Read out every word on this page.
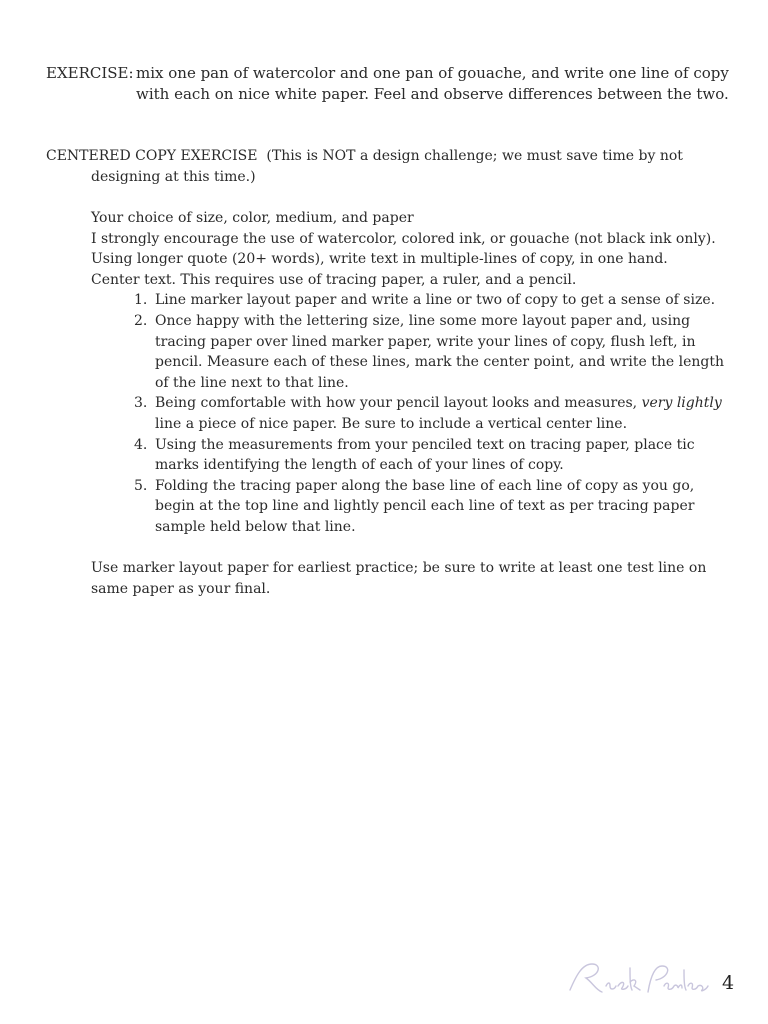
EXERCISE: mix one pan of watercolor and one pan of gouache, and write one line of copy with each on nice white paper. Feel and observe differences between the two.
CENTERED COPY EXERCISE (This is NOT a design challenge; we must save time by not designing at this time.)

Your choice of size, color, medium, and paper

I strongly encourage the use of watercolor, colored ink, or gouache (not black ink only).

Using longer quote (20+ words), write text in multiple-lines of copy, in one hand.

Center text. This requires use of tracing paper, a ruler, and a pencil.

1. Line marker layout paper and write a line or two of copy to get a sense of size.
2. Once happy with the lettering size, line some more layout paper and, using tracing paper over lined marker paper, write your lines of copy, flush left, in pencil. Measure each of these lines, mark the center point, and write the length of the line next to that line.
3. Being comfortable with how your pencil layout looks and measures, very lightly line a piece of nice paper. Be sure to include a vertical center line.
4. Using the measurements from your penciled text on tracing paper, place tic marks identifying the length of each of your lines of copy.
5. Folding the tracing paper along the base line of each line of copy as you go, begin at the top line and lightly pencil each line of text as per tracing paper sample held below that line.

Use marker layout paper for earliest practice; be sure to write at least one test line on same paper as your final.

4
